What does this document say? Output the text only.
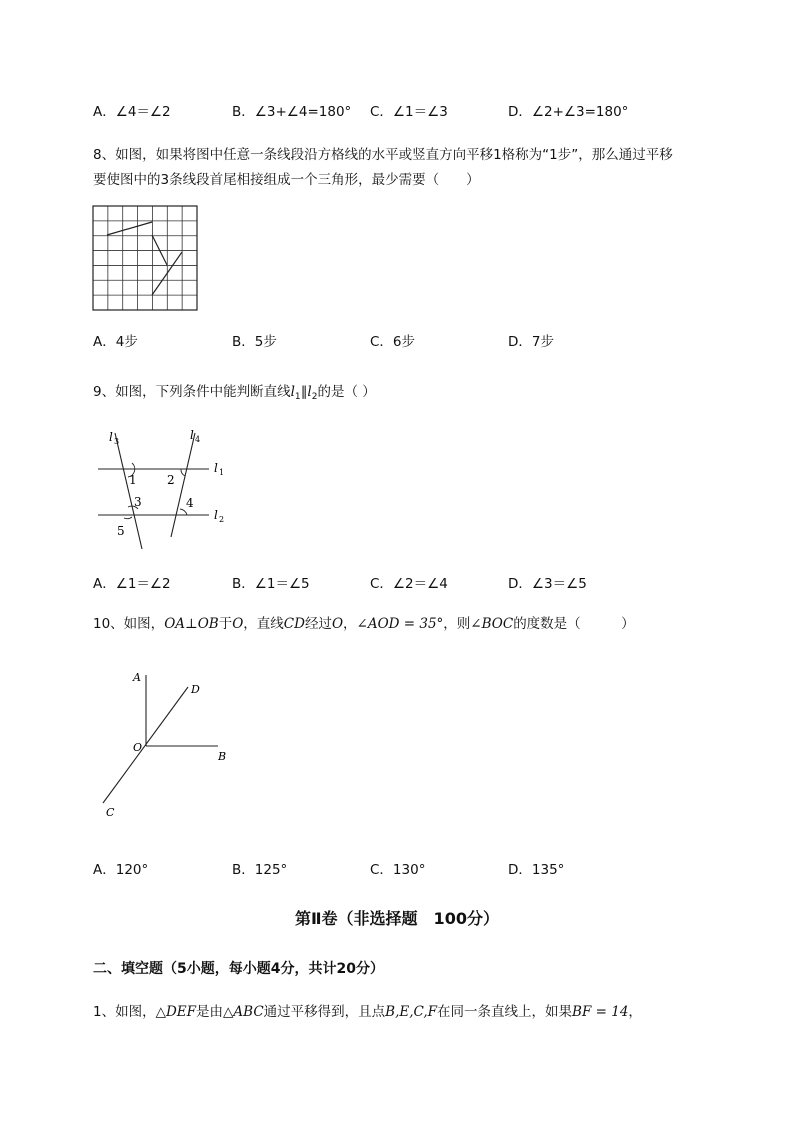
A．∠4＝∠2	B．∠3+∠4=180° C．∠1＝∠3	D．∠2+∠3=180°
8、如图，如果将图中任意一条线段沿方格线的水平或竖直方向平移1格称为“1步”，那么通过平移
要使图中的3条线段首尾相接组成一个三角形，最少需要（　　）
A．4步	B．5步	C．6步	D．7步
9、如图，下列条件中能判断直线$l_1\parallel l_2$的是（ ）
l 3	l 4
l 1
l 2
1	2
3	4
5
A．∠1＝∠2	B．∠1＝∠5	C．∠2＝∠4	D．∠3＝∠5
10、如图，OA⊥OB于O，直线CD经过O，∠AOD = 35°，则∠BOC的度数是（　　　）
A
D
O
B
C
A．120°	B．125°	C．130°	D．135°
第Ⅱ卷（非选择题　100分）
二、填空题（5小题，每小题4分，共计20分）
1、如图，△DEF是由△ABC通过平移得到，且点B,E,C,F在同一条直线上，如果BF = 14，
